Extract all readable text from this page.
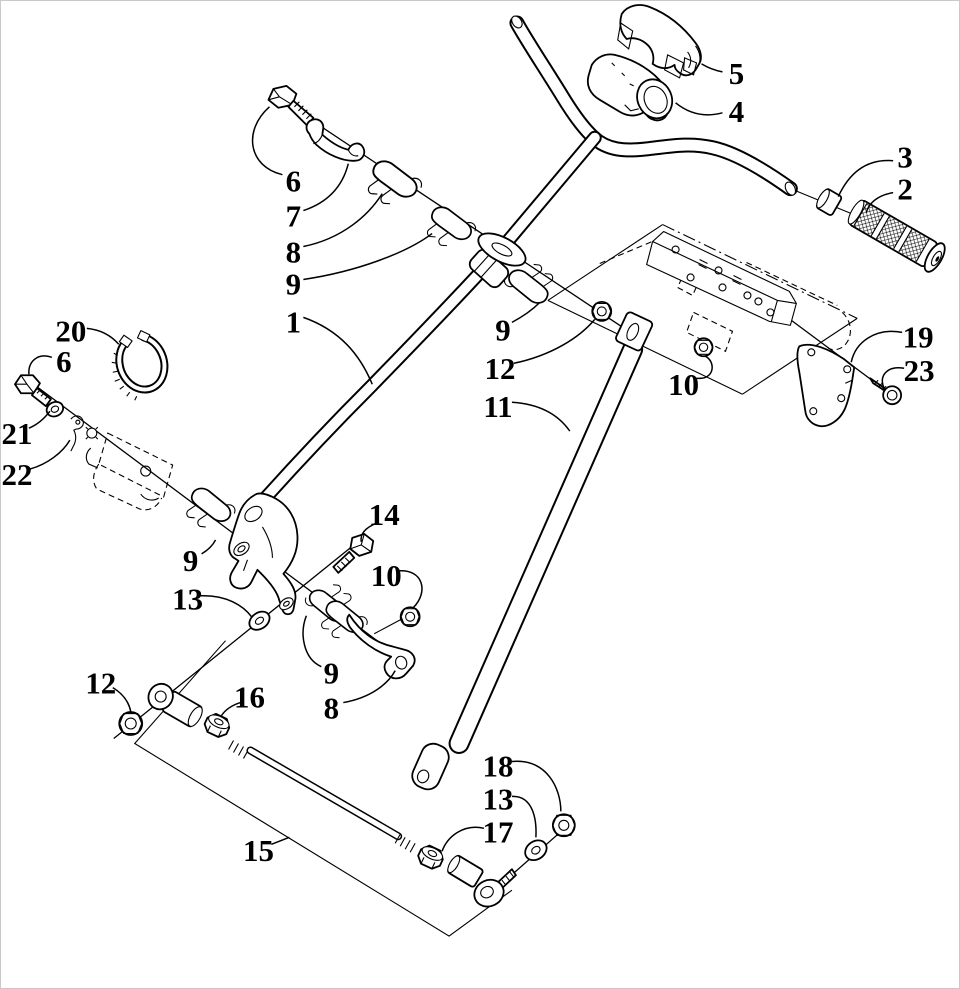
1
2
3
4
5
6
7
8
9
20
6
21
22
9
12	10
11
19
23
14
9
13
10
9
8
12	16
15
18
13
17
